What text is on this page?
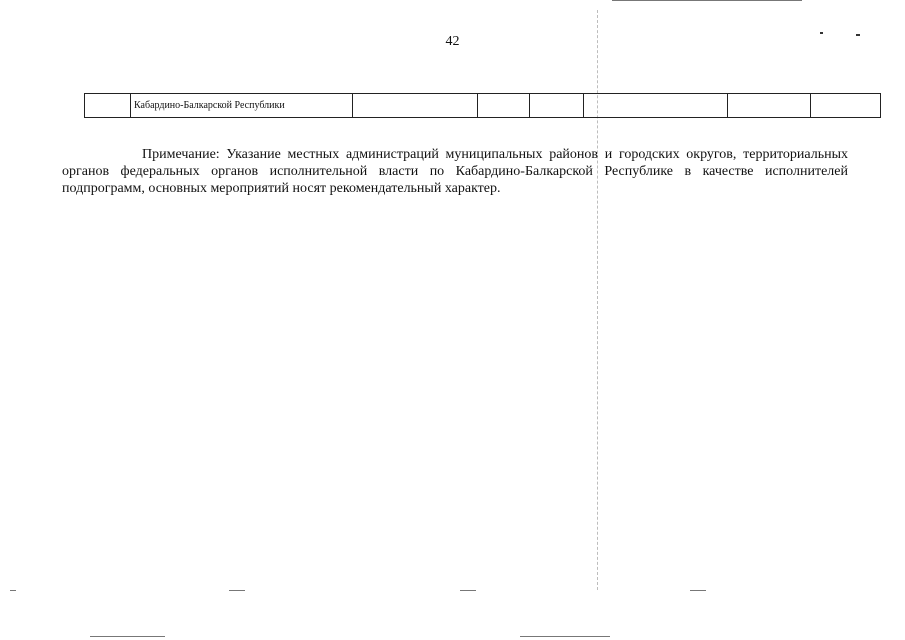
42
	Кабардино-Балкарской Республики						
Примечание: Указание местных администраций муниципальных районов и городских округов, территориальных органов федеральных органов исполнительной власти по Кабардино-Балкарской Республике в качестве исполнителей подпрограмм, основных мероприятий носят рекомендательный характер.
